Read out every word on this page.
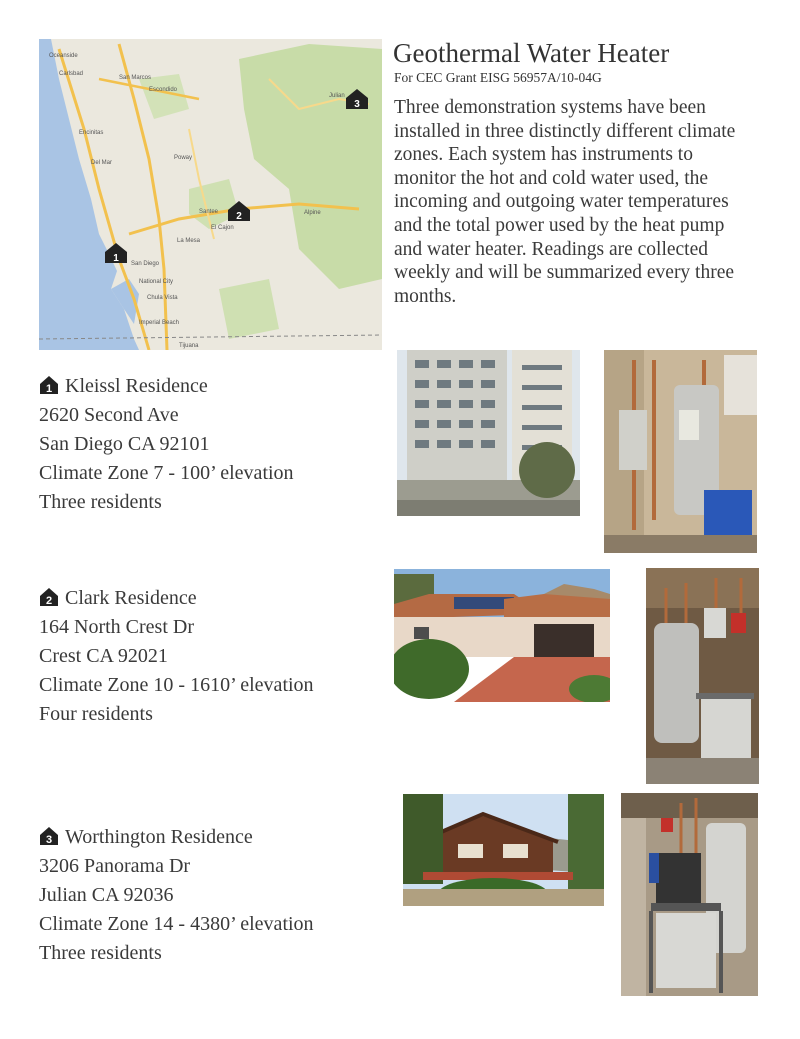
Oceanside
Carlsbad
San Marcos
Escondido
Encinitas
Del Mar
Poway
Santee
El Cajon
La Mesa
San Diego
National City
Chula Vista
Imperial Beach
Alpine
Julian
Tijuana
1
2
3
Geothermal Water Heater
For CEC Grant EISG 56957A/10-04G
Three demonstration systems have been installed in three distinctly different climate zones. Each system has instruments to monitor the hot and cold water used, the incoming and outgoing water temperatures and the total power used by the heat pump and water heater. Readings are collected weekly and will be summarized every three months.
1 Kleissl Residence
2620 Second Ave
San Diego CA 92101
Climate Zone 7 - 100’ elevation
Three residents
2 Clark Residence
164 North Crest Dr
Crest CA 92021
Climate Zone 10 - 1610’ elevation
Four residents
3 Worthington Residence
3206 Panorama Dr
Julian CA 92036
Climate Zone 14 - 4380’ elevation
Three residents
